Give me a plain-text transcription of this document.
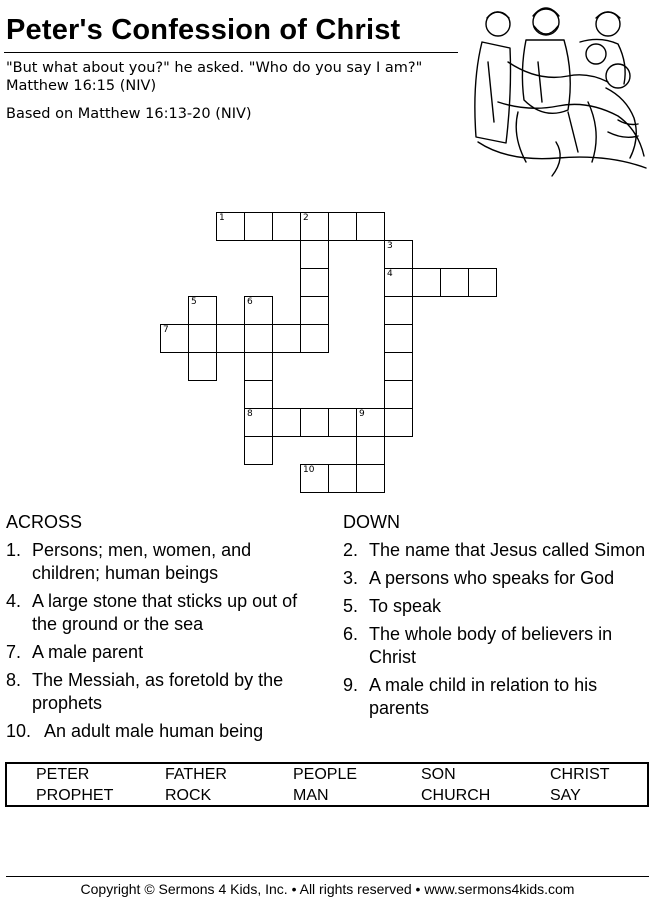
Peter's Confession of Christ
"But what about you?" he asked. "Who do you say I am?" Matthew 16:15 (NIV)
Based on Matthew 16:13-20 (NIV)
1	2
3
4
5	6
8
7
9
10
ACROSS
1. Persons; men, women, and children; human beings
4. A large stone that sticks up out of the ground or the sea
7. A male parent
8. The Messiah, as foretold by the prophets
10. An adult male human being
DOWN
2. The name that Jesus called Simon
3. A persons who speaks for God
5. To speak
6. The whole body of believers in Christ
9. A male child in relation to his parents
PETER	FATHER	PEOPLE	SON	CHRIST
PROPHET	ROCK	MAN	CHURCH	SAY
Copyright © Sermons 4 Kids, Inc. • All rights reserved • www.sermons4kids.com
